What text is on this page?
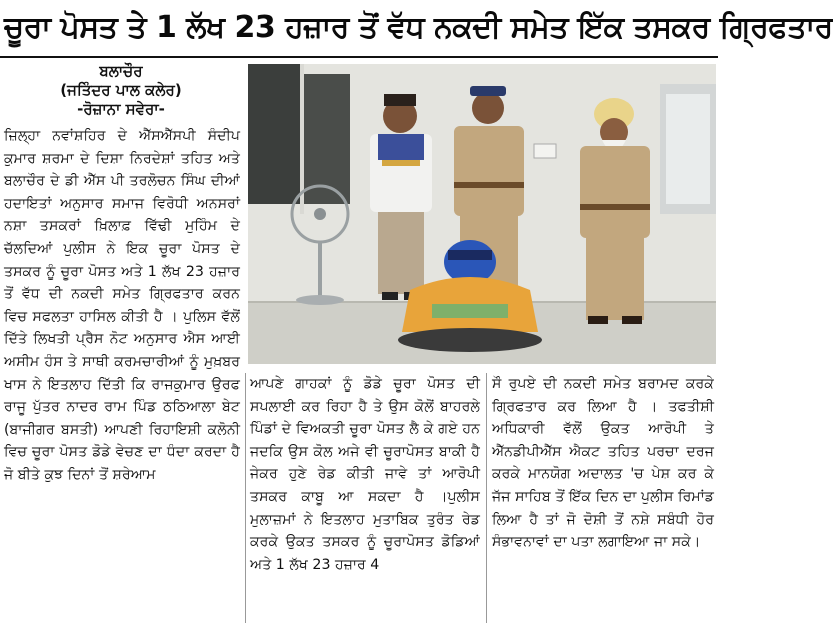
ਚੂਰਾ ਪੋਸਤ ਤੇ 1 ਲੱਖ 23 ਹਜ਼ਾਰ ਤੋਂ ਵੱਧ ਨਕਦੀ ਸਮੇਤ ਇੱਕ ਤਸਕਰ ਗ੍ਰਿਫਤਾਰ
ਬਲਾਚੌਰ
(ਜਤਿੰਦਰ ਪਾਲ ਕਲੇਰ)
-ਰੋਜ਼ਾਨਾ ਸਵੇਰਾ-

ਜ਼ਿਲ੍ਹਾ ਨਵਾਂਸ਼ਹਿਰ ਦੇ ਐੱਸਐੱਸਪੀ ਸੰਦੀਪ ਕੁਮਾਰ ਸ਼ਰਮਾ ਦੇ ਦਿਸ਼ਾ ਨਿਰਦੇਸ਼ਾਂ ਤਹਿਤ ਅਤੇ ਬਲਾਚੌਰ ਦੇ ਡੀ ਐੱਸ ਪੀ ਤਰਲੋਚਨ ਸਿੰਘ ਦੀਆਂ ਹਦਾਇਤਾਂ ਅਨੁਸਾਰ ਸਮਾਜ ਵਿਰੋਧੀ ਅਨਸਰਾਂ ਨਸ਼ਾ ਤਸਕਰਾਂ ਖ਼ਿਲਾਫ਼ ਵਿੱਢੀ ਮੁਹਿੰਮ ਦੇ ਚੱਲਦਿਆਂ ਪੁਲੀਸ ਨੇ ਇਕ ਚੂਰਾ ਪੋਸਤ ਦੇ ਤਸਕਰ ਨੂੰ ਚੂਰਾ ਪੋਸਤ ਅਤੇ 1 ਲੱਖ 23 ਹਜ਼ਾਰ ਤੋਂ ਵੱਧ ਦੀ ਨਕਦੀ ਸਮੇਤ ਗ੍ਰਿਫਤਾਰ ਕਰਨ ਵਿਚ ਸਫਲਤਾ ਹਾਸਿਲ ਕੀਤੀ ਹੈ । ਪੁਲਿਸ ਵੱਲੋਂ ਦਿੱਤੇ ਲਿਖਤੀ ਪ੍ਰੈਸ ਨੋਟ ਅਨੁਸਾਰ ਐਸ ਆਈ ਅਸੀਮ ਹੰਸ ਤੇ ਸਾਥੀ ਕਰਮਚਾਰੀਆਂ ਨੂੰ ਮੁਖ਼ਬਰ ਖਾਸ ਨੇ ਇਤਲਾਹ ਦਿੱਤੀ ਕਿ ਰਾਜਕੁਮਾਰ ਉਰਫ ਰਾਜੂ ਪੁੱਤਰ ਨਾਦਰ ਰਾਮ ਪਿੰਡ ਠਠਿਆਲਾ ਬੇਟ (ਬਾਜੀਗਰ ਬਸਤੀ) ਆਪਣੀ ਰਿਹਾਇਸ਼ੀ ਕਲੋਨੀ ਵਿਚ ਚੂਰਾ ਪੋਸਤ ਡੋਡੇ ਵੇਚਣ ਦਾ ਧੰਦਾ ਕਰਦਾ ਹੈ ਜੋ ਬੀਤੇ ਕੁਝ ਦਿਨਾਂ ਤੋਂ ਸ਼ਰੇਆਮ

ਆਪਣੇ ਗਾਹਕਾਂ ਨੂੰ ਡੋਡੇ ਚੂਰਾ ਪੋਸਤ ਦੀ ਸਪਲਾਈ ਕਰ ਰਿਹਾ ਹੈ ਤੇ ਉਸ ਕੋਲੋਂ ਬਾਹਰਲੇ ਪਿੰਡਾਂ ਦੇ ਵਿਅਕਤੀ ਚੂਰਾ ਪੋਸਤ ਲੈ ਕੇ ਗਏ ਹਨ ਜਦਕਿ ਉਸ ਕੋਲ ਅਜੇ ਵੀ ਚੂਰਾਪੋਸਤ ਬਾਕੀ ਹੈ ਜੇਕਰ ਹੁਣੇ ਰੇਡ ਕੀਤੀ ਜਾਵੇ ਤਾਂ ਆਰੋਪੀ ਤਸਕਰ ਕਾਬੂ ਆ ਸਕਦਾ ਹੈ ।ਪੁਲੀਸ ਮੁਲਾਜ਼ਮਾਂ ਨੇ ਇਤਲਾਹ ਮੁਤਾਬਿਕ ਤੁਰੰਤ ਰੇਡ ਕਰਕੇ ਉਕਤ ਤਸਕਰ ਨੂੰ ਚੂਰਾਪੋਸਤ ਡੋਡਿਆਂ ਅਤੇ 1 ਲੱਖ 23 ਹਜ਼ਾਰ 4

ਸੌ ਰੁਪਏ ਦੀ ਨਕਦੀ ਸਮੇਤ ਬਰਾਮਦ ਕਰਕੇ ਗ੍ਰਿਫਤਾਰ ਕਰ ਲਿਆ ਹੈ । ਤਫਤੀਸ਼ੀ ਅਧਿਕਾਰੀ ਵੱਲੋਂ ਉਕਤ ਆਰੋਪੀ ਤੇ ਐੱਨਡੀਪੀਐੱਸ ਐਕਟ ਤਹਿਤ ਪਰਚਾ ਦਰਜ ਕਰਕੇ ਮਾਨਯੋਗ ਅਦਾਲਤ 'ਚ ਪੇਸ਼ ਕਰ ਕੇ ਜੱਜ ਸਾਹਿਬ ਤੋਂ ਇੱਕ ਦਿਨ ਦਾ ਪੁਲੀਸ ਰਿਮਾਂਡ ਲਿਆ ਹੈ ਤਾਂ ਜੋ ਦੋਸ਼ੀ ਤੋਂ ਨਸ਼ੇ ਸਬੰਧੀ ਹੋਰ ਸੰਭਾਵਨਾਵਾਂ ਦਾ ਪਤਾ ਲਗਾਇਆ ਜਾ ਸਕੇ।
